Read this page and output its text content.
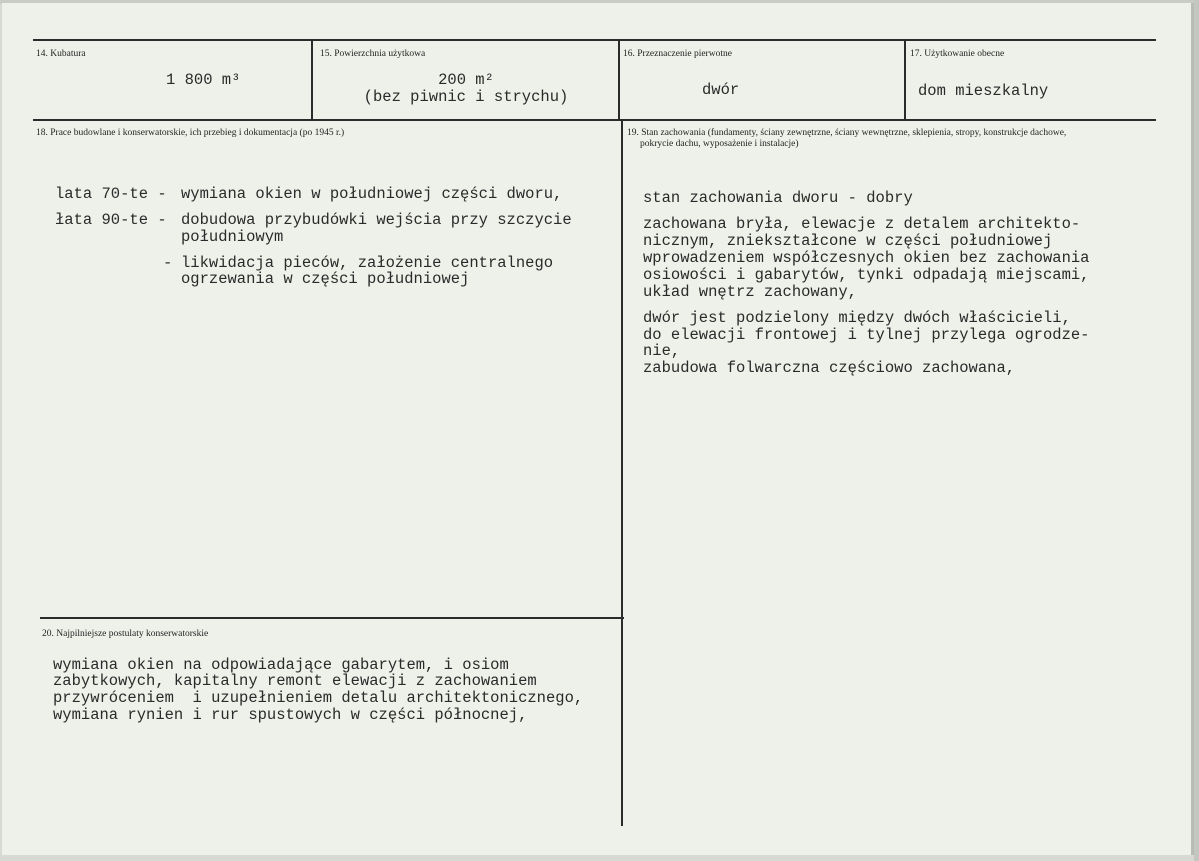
14. Kubatura
1 800 m³
15. Powierzchnia użytkowa
200 m²
(bez piwnic i strychu)
16. Przeznaczenie pierwotne
dwór
17. Użytkowanie obecne
dom mieszkalny
18. Prace budowlane i konserwatorskie, ich przebieg i dokumentacja (po 1945 r.)
lata 70-te - wymiana okien w południowej części dworu,
łata 90-te - dobudowa przybudówki wejścia przy szczycie
południowym
- likwidacja pieców, założenie centralnego
ogrzewania w części południowej
19. Stan zachowania (fundamenty, ściany zewnętrzne, ściany wewnętrzne, sklepienia, stropy, konstrukcje dachowe,
pokrycie dachu, wyposażenie i instalacje)
stan zachowania dworu - dobry
zachowana bryła, elewacje z detalem architekto-
nicznym, zniekształcone w części południowej
wprowadzeniem współczesnych okien bez zachowania
osiowości i gabarytów, tynki odpadają miejscami,
układ wnętrz zachowany,
dwór jest podzielony między dwóch właścicieli,
do elewacji frontowej i tylnej przylega ogrodze-
nie,
zabudowa folwarczna częściowo zachowana,
20. Najpilniejsze postulaty konserwatorskie
wymiana okien na odpowiadające gabarytem, i osiom
zabytkowych, kapitalny remont elewacji z zachowaniem
przywróceniem  i uzupełnieniem detalu architektonicznego,
wymiana rynien i rur spustowych w części północnej,
